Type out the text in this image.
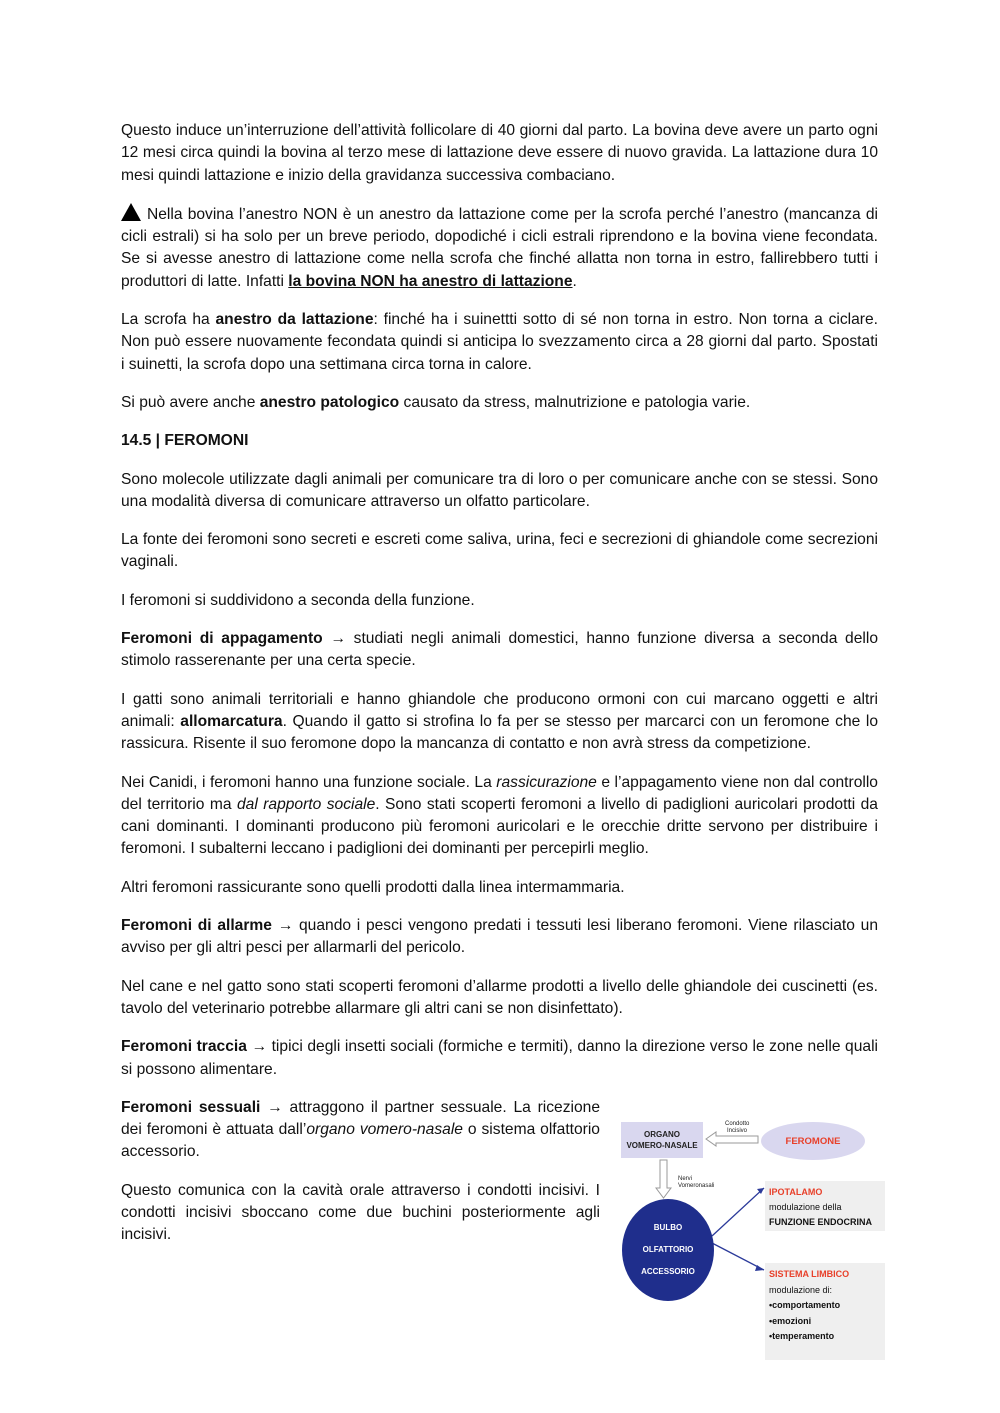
Questo induce un’interruzione dell’attività follicolare di 40 giorni dal parto. La bovina deve avere un parto ogni 12 mesi circa quindi la bovina al terzo mese di lattazione deve essere di nuovo gravida. La lattazione dura 10 mesi quindi lattazione e inizio della gravidanza successiva combaciano.

Nella bovina l’anestro NON è un anestro da lattazione come per la scrofa perché l’anestro (mancanza di cicli estrali) si ha solo per un breve periodo, dopodiché i cicli estrali riprendono e la bovina viene fecondata. Se si avesse anestro di lattazione come nella scrofa che finché allatta non torna in estro, fallirebbero tutti i produttori di latte. Infatti la bovina NON ha anestro di lattazione.

La scrofa ha anestro da lattazione: finché ha i suinettti sotto di sé non torna in estro. Non torna a ciclare. Non può essere nuovamente fecondata quindi si anticipa lo svezzamento circa a 28 giorni dal parto. Spostati i suinetti, la scrofa dopo una settimana circa torna in calore.

Si può avere anche anestro patologico causato da stress, malnutrizione e patologia varie.

14.5 | FEROMONI

Sono molecole utilizzate dagli animali per comunicare tra di loro o per comunicare anche con se stessi. Sono una modalità diversa di comunicare attraverso un olfatto particolare.

La fonte dei feromoni sono secreti e escreti come saliva, urina, feci e secrezioni di ghiandole come secrezioni vaginali.

I feromoni si suddividono a seconda della funzione.

Feromoni di appagamento → studiati negli animali domestici, hanno funzione diversa a seconda dello stimolo rasserenante per una certa specie.

I gatti sono animali territoriali e hanno ghiandole che producono ormoni con cui marcano oggetti e altri animali: allomarcatura. Quando il gatto si strofina lo fa per se stesso per marcarci con un feromone che lo rassicura. Risente il suo feromone dopo la mancanza di contatto e non avrà stress da competizione.

Nei Canidi, i feromoni hanno una funzione sociale. La rassicurazione e l’appagamento viene non dal controllo del territorio ma dal rapporto sociale. Sono stati scoperti feromoni a livello di padiglioni auricolari prodotti da cani dominanti. I dominanti producono più feromoni auricolari e le orecchie dritte servono per distribuire i feromoni. I subalterni leccano i padiglioni dei dominanti per percepirli meglio.

Altri feromoni rassicurante sono quelli prodotti dalla linea intermammaria.

Feromoni di allarme → quando i pesci vengono predati i tessuti lesi liberano feromoni. Viene rilasciato un avviso per gli altri pesci per allarmarli del pericolo.

Nel cane e nel gatto sono stati scoperti feromoni d’allarme prodotti a livello delle ghiandole dei cuscinetti (es. tavolo del veterinario potrebbe allarmare gli altri cani se non disinfettato).

Feromoni traccia → tipici degli insetti sociali (formiche e termiti), danno la direzione verso le zone nelle quali si possono alimentare.

Feromoni sessuali → attraggono il partner sessuale. La ricezione dei feromoni è attuata dall’organo vomero-nasale o sistema olfattorio accessorio.

Questo comunica con la cavità orale attraverso i condotti incisivi. I condotti incisivi sboccano come due buchini posteriormente agli incisivi.

ORGANO
VOMERO-NASALE
Condotto
Incisivo
FEROMONE
Nervi
Vomeronasali
BULBO
OLFATTORIO
ACCESSORIO
IPOTALAMO
modulazione della
FUNZIONE ENDOCRINA
SISTEMA LIMBICO
modulazione di:
•comportamento
•emozioni
•temperamento
